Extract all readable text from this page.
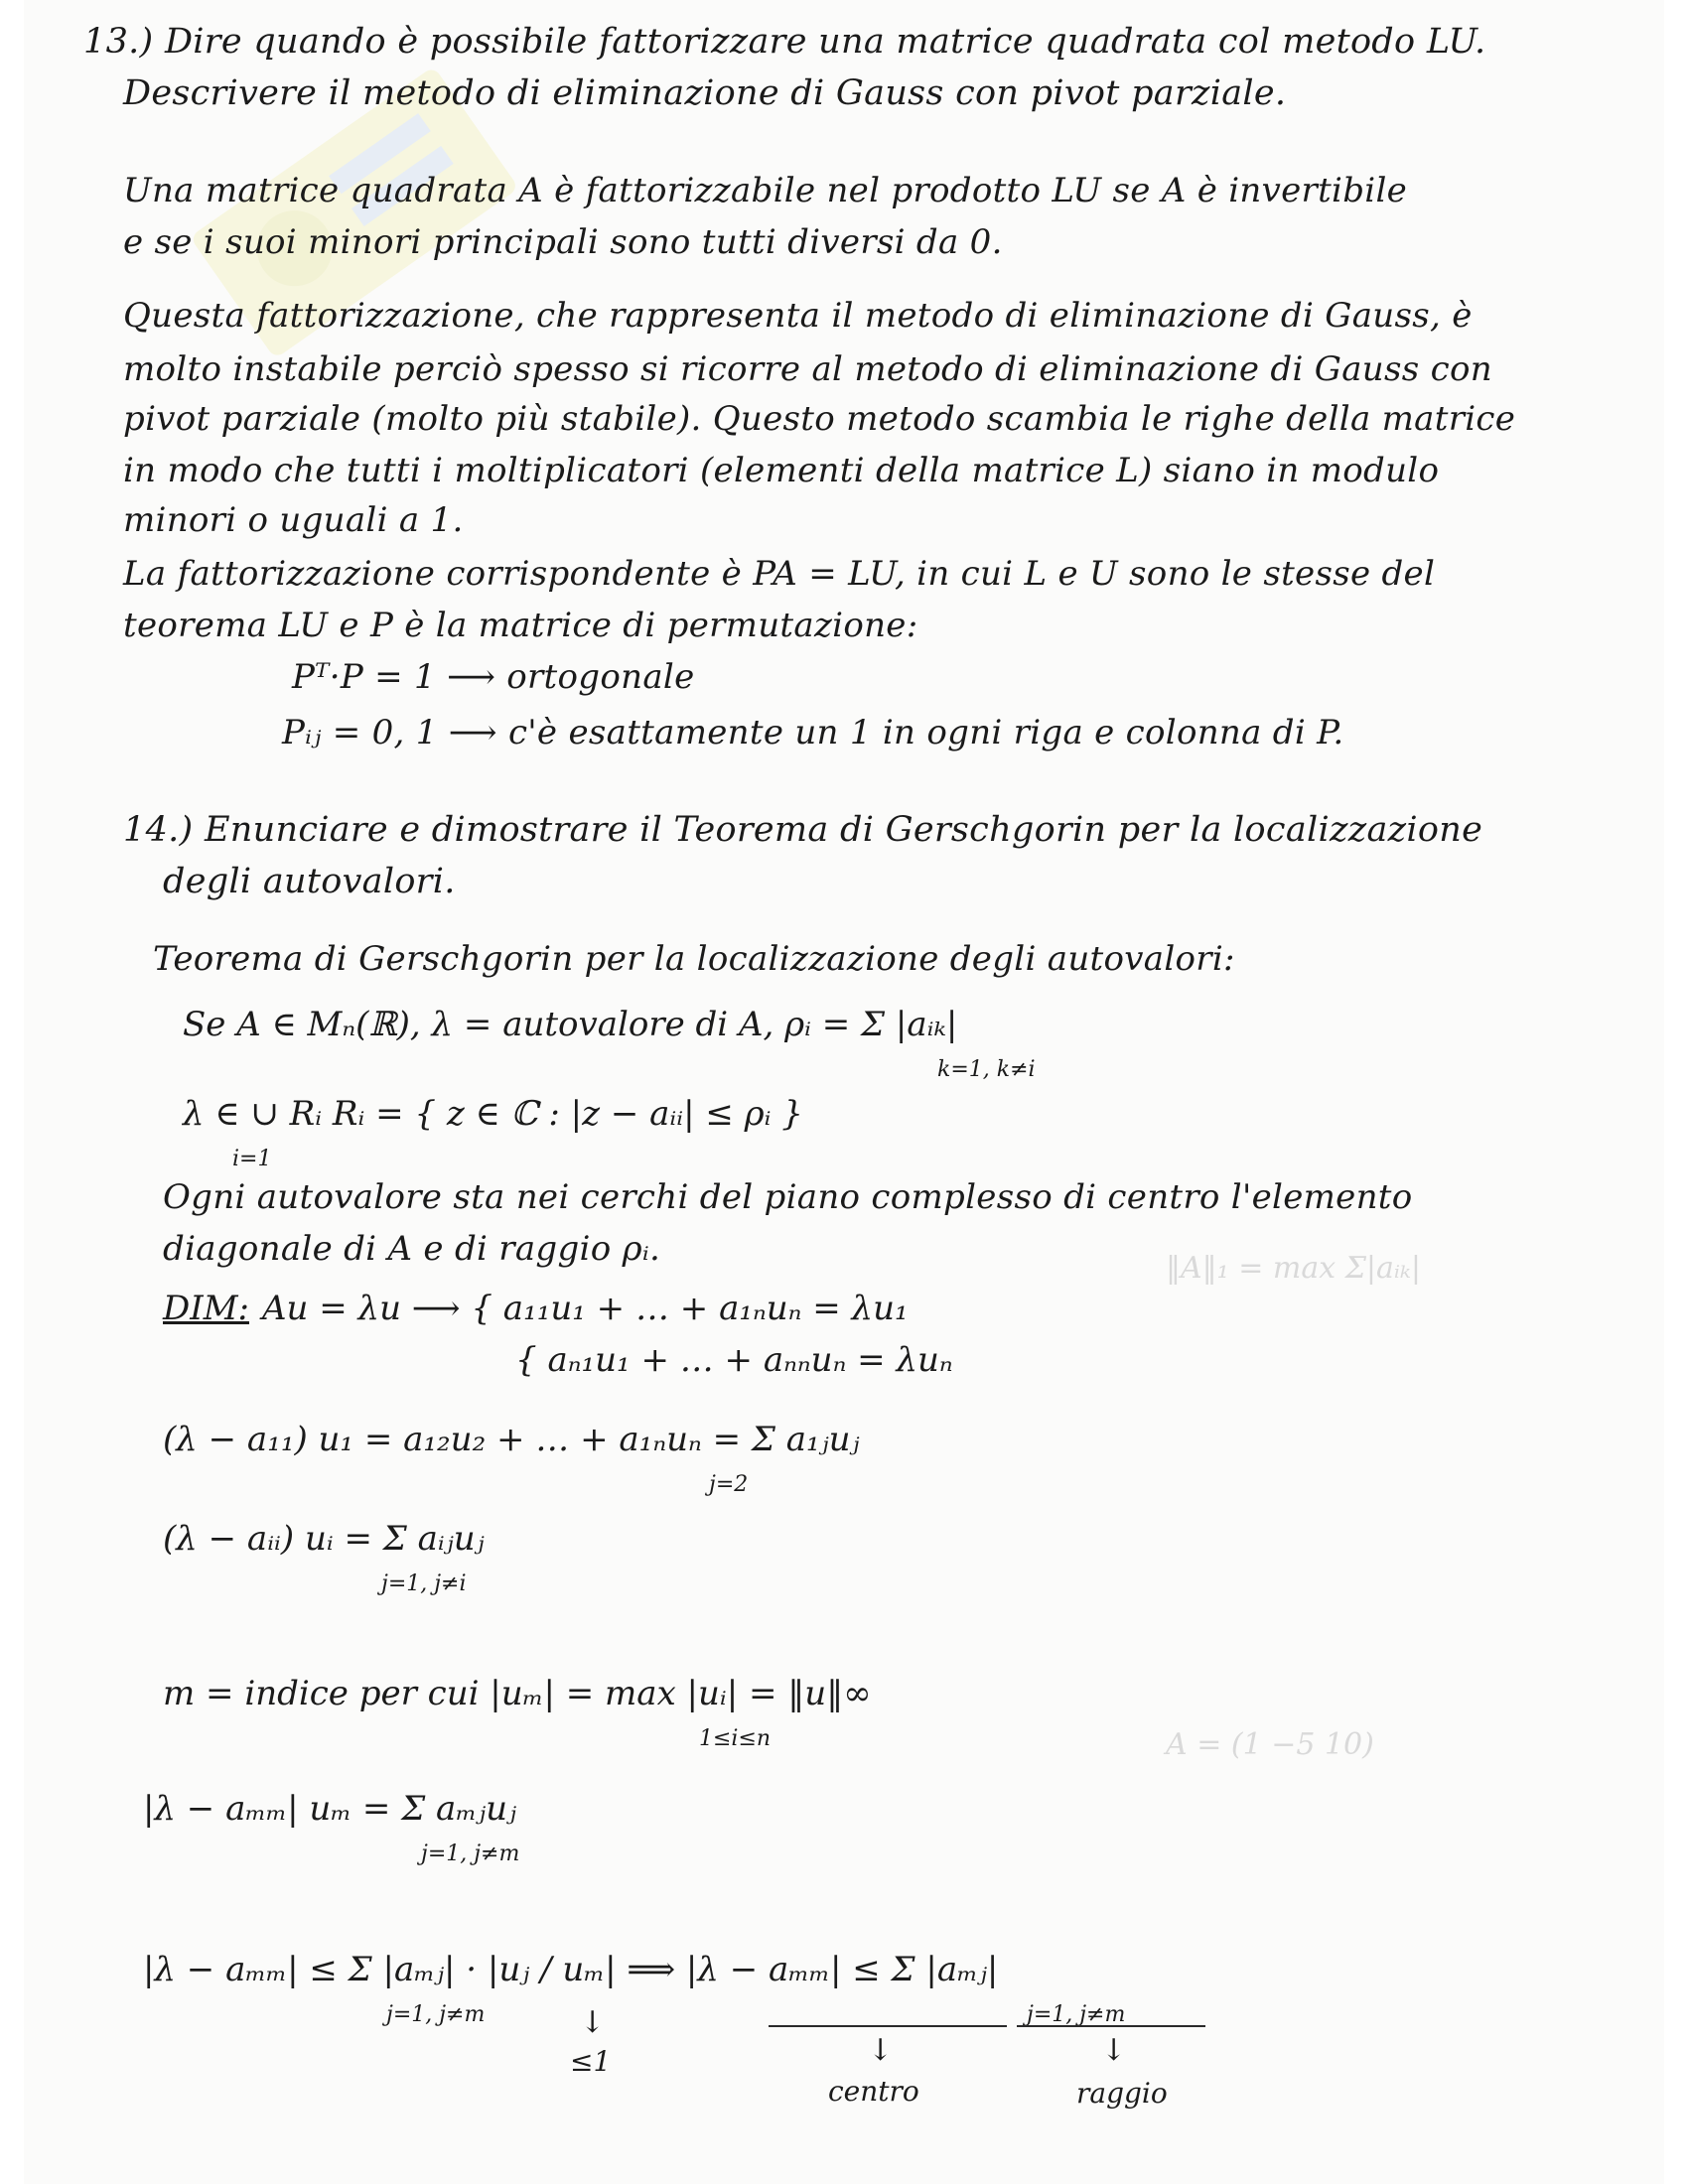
‖A‖₁ = max Σ|aᵢₖ|
A = (1 −5 10)
13.) Dire quando è possibile fattorizzare una matrice quadrata col metodo LU.
Descrivere il metodo di eliminazione di Gauss con pivot parziale.
Una matrice quadrata A è fattorizzabile nel prodotto LU se A è invertibile
e se i suoi minori principali sono tutti diversi da 0.
Questa fattorizzazione, che rappresenta il metodo di eliminazione di Gauss, è
molto instabile perciò spesso si ricorre al metodo di eliminazione di Gauss con
pivot parziale (molto più stabile). Questo metodo scambia le righe della matrice
in modo che tutti i moltiplicatori (elementi della matrice L) siano in modulo
minori o uguali a 1.
La fattorizzazione corrispondente è PA = LU, in cui L e U sono le stesse del
teorema LU e P è la matrice di permutazione:
Pᵀ·P = 1 ⟶ ortogonale
Pᵢⱼ = 0, 1 ⟶ c'è esattamente un 1 in ogni riga e colonna di P.
14.) Enunciare e dimostrare il Teorema di Gerschgorin per la localizzazione
degli autovalori.
Teorema di Gerschgorin per la localizzazione degli autovalori:
Se A ∈ Mₙ(ℝ), λ = autovalore di A, ρᵢ = Σ |aᵢₖ|
k=1, k≠i
λ ∈ ∪ Rᵢ Rᵢ = { z ∈ ℂ : |z − aᵢᵢ| ≤ ρᵢ }
i=1
Ogni autovalore sta nei cerchi del piano complesso di centro l'elemento
diagonale di A e di raggio ρᵢ.
DIM: Au = λu ⟶ { a₁₁u₁ + … + a₁ₙuₙ = λu₁
{ aₙ₁u₁ + … + aₙₙuₙ = λuₙ
(λ − a₁₁) u₁ = a₁₂u₂ + … + a₁ₙuₙ = Σ a₁ⱼuⱼ
j=2
(λ − aᵢᵢ) uᵢ = Σ aᵢⱼuⱼ
j=1, j≠i
m = indice per cui |uₘ| = max |uᵢ| = ‖u‖∞
1≤i≤n
|λ − aₘₘ| uₘ = Σ aₘⱼuⱼ
j=1, j≠m
|λ − aₘₘ| ≤ Σ |aₘⱼ| · |uⱼ / uₘ| ⟹ |λ − aₘₘ| ≤ Σ |aₘⱼ|
j=1, j≠m	j=1, j≠m
↓
↓	↓
≤1
centro	raggio
